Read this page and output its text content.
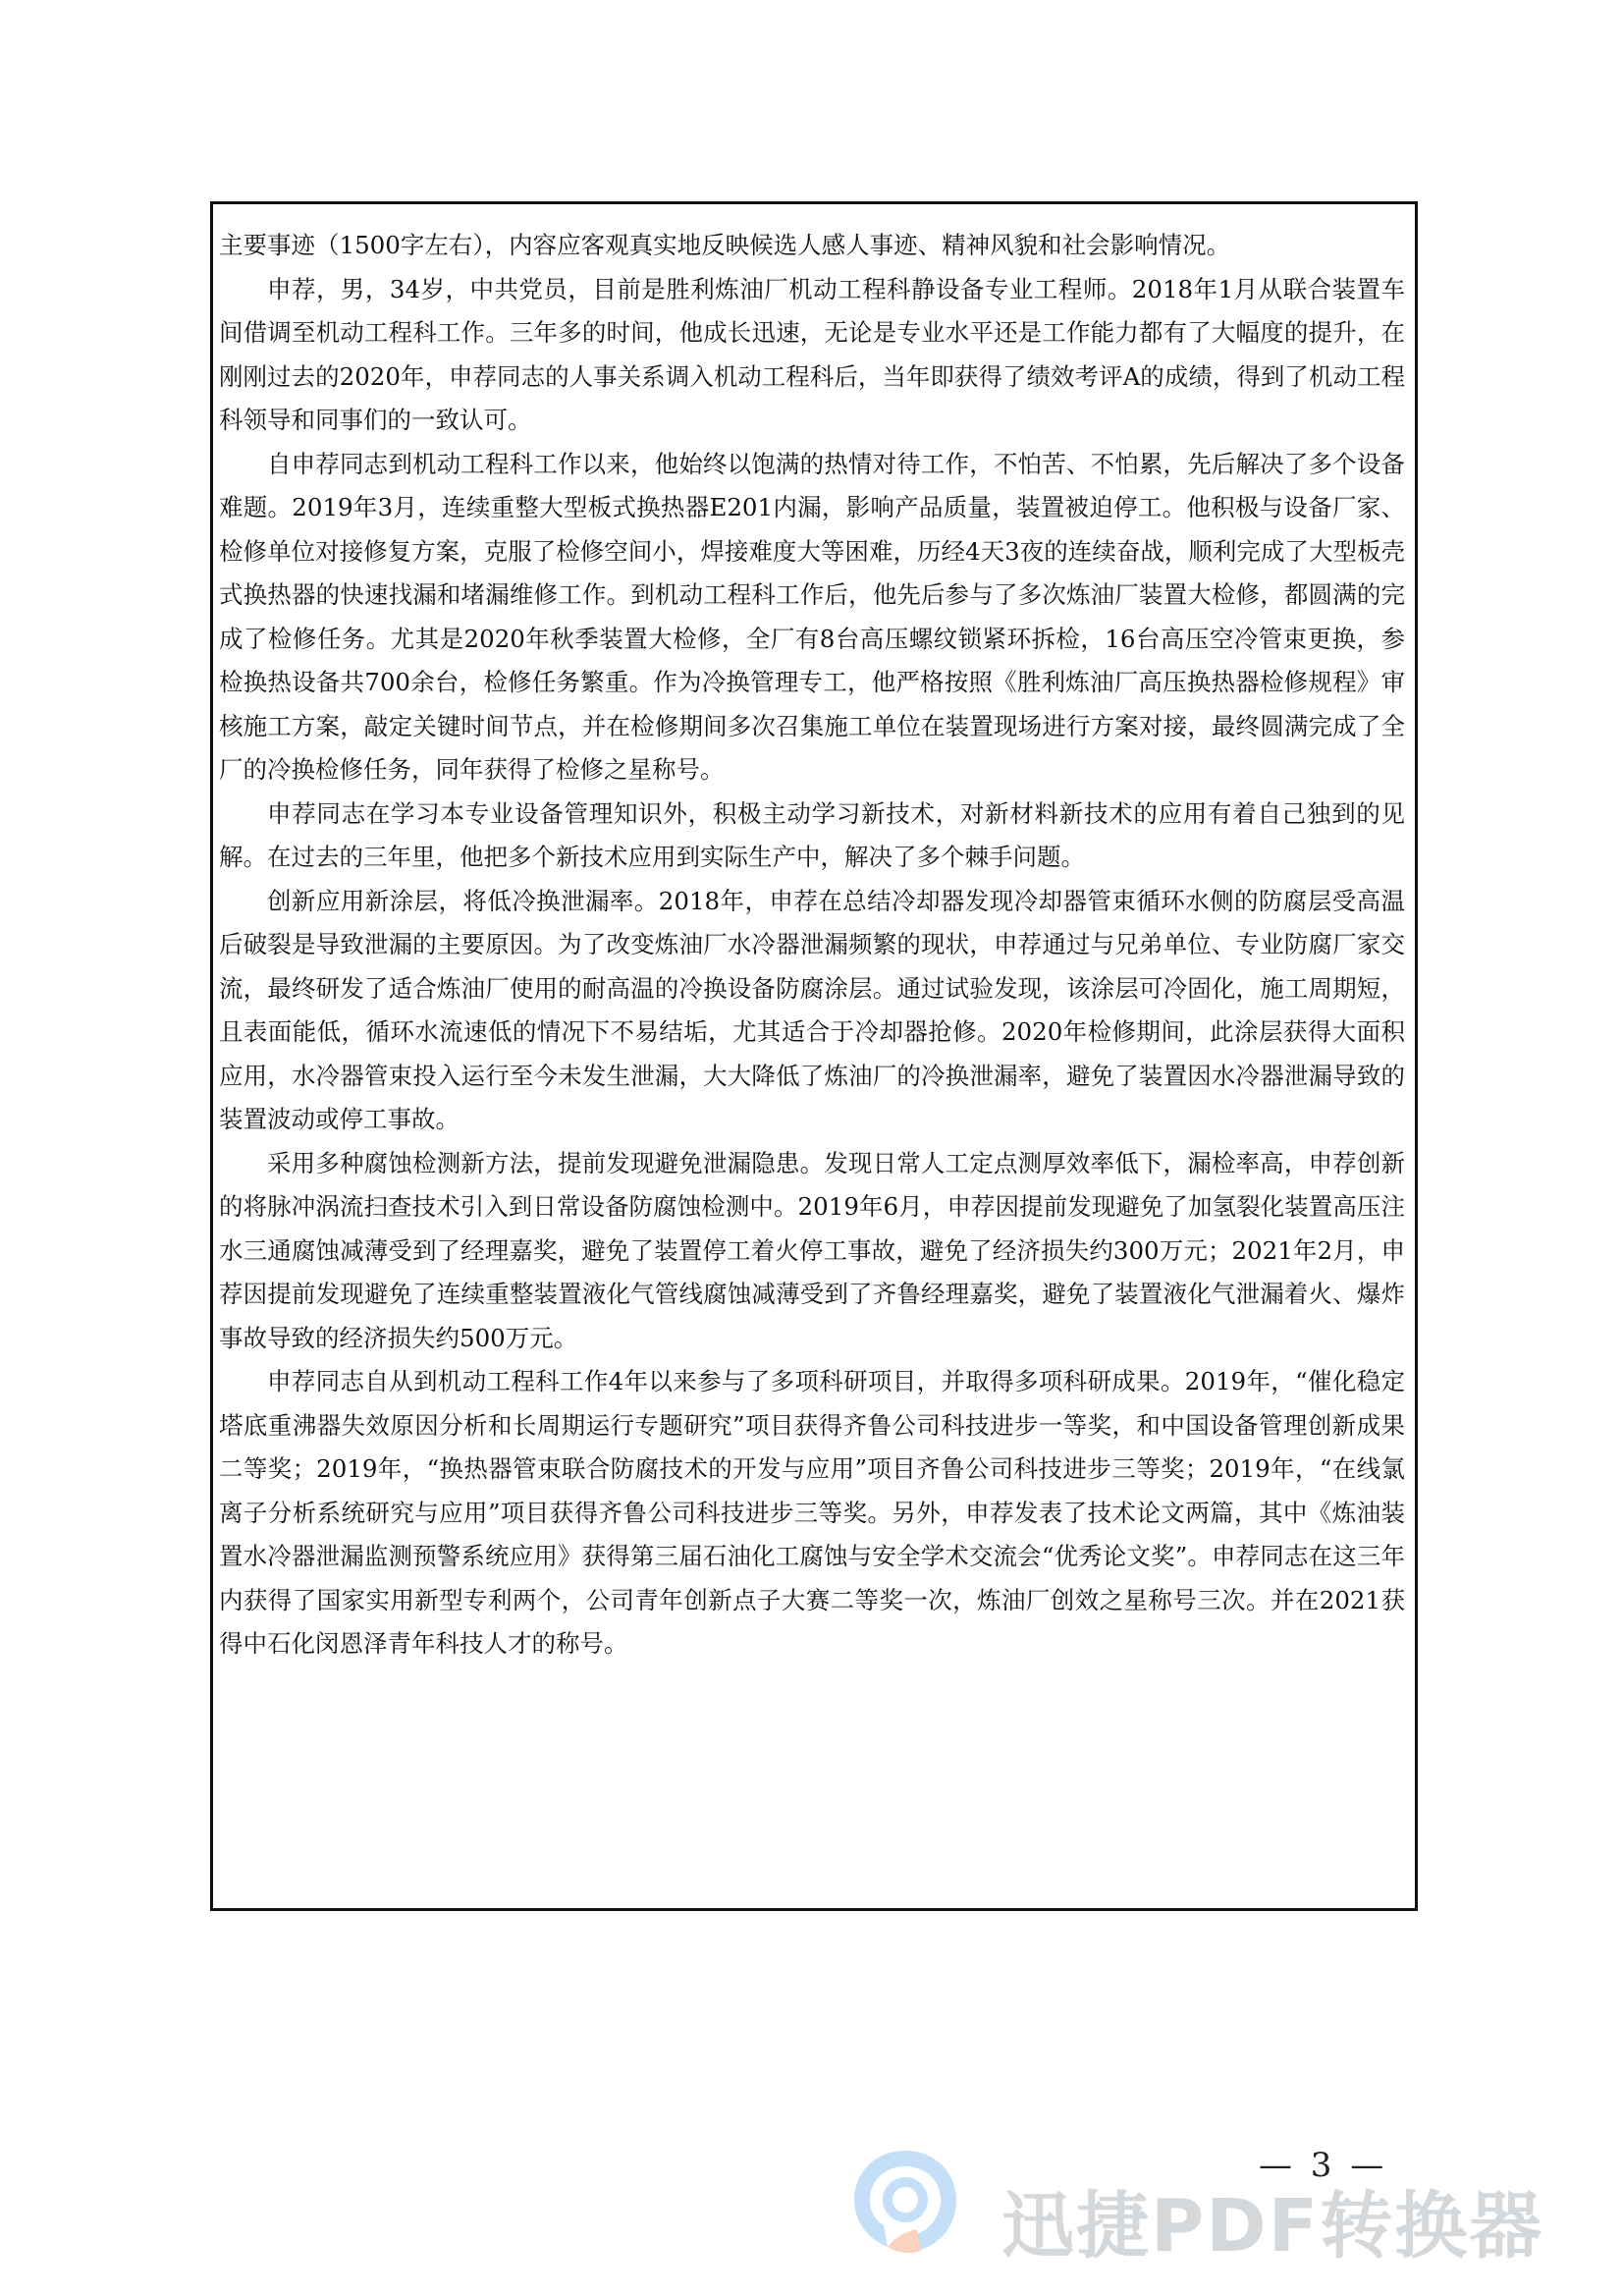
主要事迹（1500字左右），内容应客观真实地反映候选人感人事迹、精神风貌和社会影响情况。

申荐，男，34岁，中共党员，目前是胜利炼油厂机动工程科静设备专业工程师。2018年1月从联合装置车间借调至机动工程科工作。三年多的时间，他成长迅速，无论是专业水平还是工作能力都有了大幅度的提升，在刚刚过去的2020年，申荐同志的人事关系调入机动工程科后，当年即获得了绩效考评A的成绩，得到了机动工程科领导和同事们的一致认可。

自申荐同志到机动工程科工作以来，他始终以饱满的热情对待工作，不怕苦、不怕累，先后解决了多个设备难题。2019年3月，连续重整大型板式换热器E201内漏，影响产品质量，装置被迫停工。他积极与设备厂家、检修单位对接修复方案，克服了检修空间小，焊接难度大等困难，历经4天3夜的连续奋战，顺利完成了大型板壳式换热器的快速找漏和堵漏维修工作。到机动工程科工作后，他先后参与了多次炼油厂装置大检修，都圆满的完成了检修任务。尤其是2020年秋季装置大检修，全厂有8台高压螺纹锁紧环拆检，16台高压空冷管束更换，参检换热设备共700余台，检修任务繁重。作为冷换管理专工，他严格按照《胜利炼油厂高压换热器检修规程》审核施工方案，敲定关键时间节点，并在检修期间多次召集施工单位在装置现场进行方案对接，最终圆满完成了全厂的冷换检修任务，同年获得了检修之星称号。

申荐同志在学习本专业设备管理知识外，积极主动学习新技术，对新材料新技术的应用有着自己独到的见解。在过去的三年里，他把多个新技术应用到实际生产中，解决了多个棘手问题。

创新应用新涂层，将低冷换泄漏率。2018年，申荐在总结冷却器发现冷却器管束循环水侧的防腐层受高温后破裂是导致泄漏的主要原因。为了改变炼油厂水冷器泄漏频繁的现状，申荐通过与兄弟单位、专业防腐厂家交流，最终研发了适合炼油厂使用的耐高温的冷换设备防腐涂层。通过试验发现，该涂层可冷固化，施工周期短，且表面能低，循环水流速低的情况下不易结垢，尤其适合于冷却器抢修。2020年检修期间，此涂层获得大面积应用，水冷器管束投入运行至今未发生泄漏，大大降低了炼油厂的冷换泄漏率，避免了装置因水冷器泄漏导致的装置波动或停工事故。

采用多种腐蚀检测新方法，提前发现避免泄漏隐患。发现日常人工定点测厚效率低下，漏检率高，申荐创新的将脉冲涡流扫查技术引入到日常设备防腐蚀检测中。2019年6月，申荐因提前发现避免了加氢裂化装置高压注水三通腐蚀减薄受到了经理嘉奖，避免了装置停工着火停工事故，避免了经济损失约300万元；2021年2月，申荐因提前发现避免了连续重整装置液化气管线腐蚀减薄受到了齐鲁经理嘉奖，避免了装置液化气泄漏着火、爆炸事故导致的经济损失约500万元。

申荐同志自从到机动工程科工作4年以来参与了多项科研项目，并取得多项科研成果。2019年，“催化稳定塔底重沸器失效原因分析和长周期运行专题研究”项目获得齐鲁公司科技进步一等奖，和中国设备管理创新成果二等奖；2019年，“换热器管束联合防腐技术的开发与应用”项目齐鲁公司科技进步三等奖；2019年，“在线氯离子分析系统研究与应用”项目获得齐鲁公司科技进步三等奖。另外，申荐发表了技术论文两篇，其中《炼油装置水冷器泄漏监测预警系统应用》获得第三届石油化工腐蚀与安全学术交流会“优秀论文奖”。申荐同志在这三年内获得了国家实用新型专利两个，公司青年创新点子大赛二等奖一次，炼油厂创效之星称号三次。并在2021获得中石化闵恩泽青年科技人才的称号。

— 3 —
迅捷PDF转换器
